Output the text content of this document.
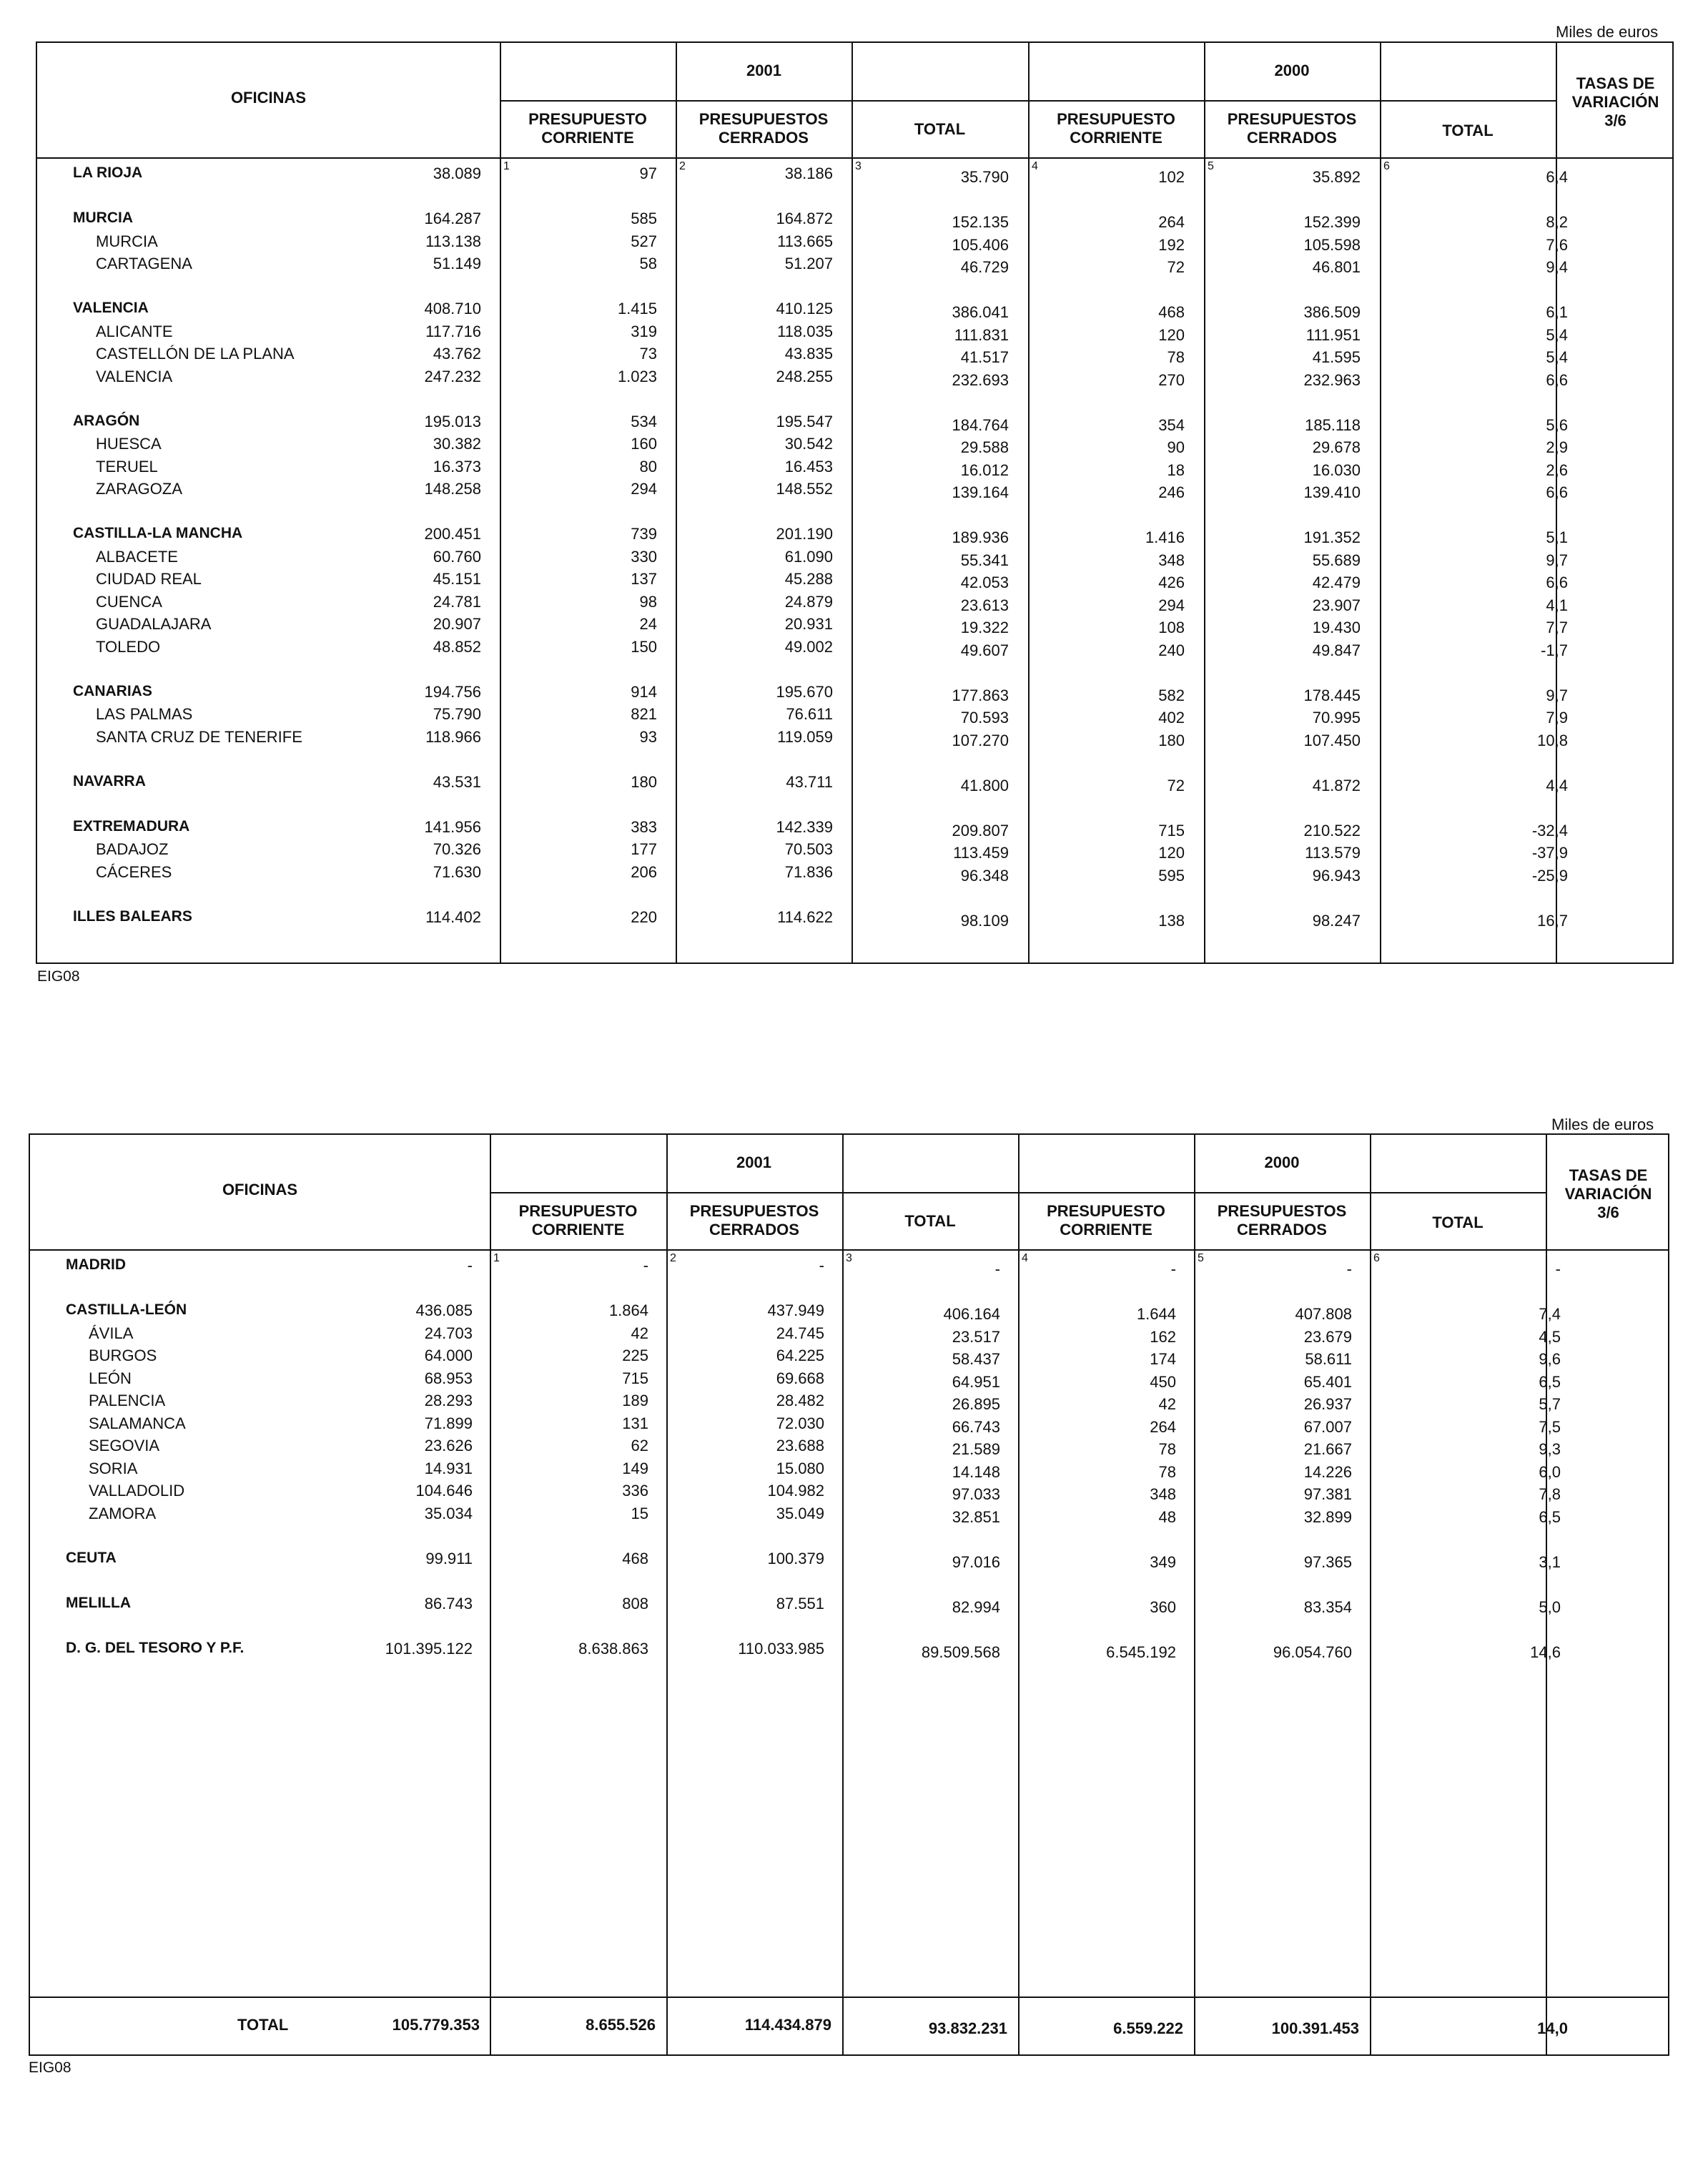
Miles de euros
OFICINAS
2001	2000
TASAS DE
VARIACIÓN
3/6
PRESUPUESTO
CORRIENTE
PRESUPUESTOS
CERRADOS	TOTAL
PRESUPUESTO
CORRIENTE
PRESUPUESTOS
CERRADOS	TOTAL
1	2	3	4	5	6
LA RIOJA	38.089	97	38.186	35.790	102	35.892	6,4
MURCIA	164.287	585	164.872	152.135	264	152.399	8,2
MURCIA	113.138	527	113.665	105.406	192	105.598	7,6
CARTAGENA	51.149	58	51.207	46.729	72	46.801	9,4
VALENCIA	408.710	1.415	410.125	386.041	468	386.509	6,1
ALICANTE	117.716	319	118.035	111.831	120	111.951	5,4
CASTELLÓN DE LA PLANA	43.762	73	43.835	41.517	78	41.595	5,4
VALENCIA	247.232	1.023	248.255	232.693	270	232.963	6,6
ARAGÓN	195.013	534	195.547	184.764	354	185.118	5,6
HUESCA	30.382	160	30.542	29.588	90	29.678	2,9
TERUEL	16.373	80	16.453	16.012	18	16.030	2,6
ZARAGOZA	148.258	294	148.552	139.164	246	139.410	6,6
CASTILLA-LA MANCHA	200.451	739	201.190	189.936	1.416	191.352	5,1
ALBACETE	60.760	330	61.090	55.341	348	55.689	9,7
CIUDAD REAL	45.151	137	45.288	42.053	426	42.479	6,6
CUENCA	24.781	98	24.879	23.613	294	23.907	4,1
GUADALAJARA	20.907	24	20.931	19.322	108	19.430	7,7
TOLEDO	48.852	150	49.002	49.607	240	49.847	-1,7
CANARIAS	194.756	914	195.670	177.863	582	178.445	9,7
LAS PALMAS	75.790	821	76.611	70.593	402	70.995	7,9
SANTA CRUZ DE TENERIFE	118.966	93	119.059	107.270	180	107.450	10,8
NAVARRA	43.531	180	43.711	41.800	72	41.872	4,4
EXTREMADURA	141.956	383	142.339	209.807	715	210.522	-32,4
BADAJOZ	70.326	177	70.503	113.459	120	113.579	-37,9
CÁCERES	71.630	206	71.836	96.348	595	96.943	-25,9
ILLES BALEARS	114.402	220	114.622	98.109	138	98.247	16,7
EIG08
Miles de euros
OFICINAS
2001	2000
TASAS DE
VARIACIÓN
3/6
PRESUPUESTO
CORRIENTE
PRESUPUESTOS
CERRADOS	TOTAL
PRESUPUESTO
CORRIENTE
PRESUPUESTOS
CERRADOS	TOTAL
1	2	3	4	5	6
MADRID	-	-	-	-	-	-	-
CASTILLA-LEÓN	436.085	1.864	437.949	406.164	1.644	407.808	7,4
ÁVILA	24.703	42	24.745	23.517	162	23.679	4,5
BURGOS	64.000	225	64.225	58.437	174	58.611	9,6
LEÓN	68.953	715	69.668	64.951	450	65.401	6,5
PALENCIA	28.293	189	28.482	26.895	42	26.937	5,7
SALAMANCA	71.899	131	72.030	66.743	264	67.007	7,5
SEGOVIA	23.626	62	23.688	21.589	78	21.667	9,3
SORIA	14.931	149	15.080	14.148	78	14.226	6,0
VALLADOLID	104.646	336	104.982	97.033	348	97.381	7,8
ZAMORA	35.034	15	35.049	32.851	48	32.899	6,5
CEUTA	99.911	468	100.379	97.016	349	97.365	3,1
MELILLA	86.743	808	87.551	82.994	360	83.354	5,0
D. G. DEL TESORO Y P.F.	101.395.122	8.638.863	110.033.985	89.509.568	6.545.192	96.054.760	14,6
TOTAL	105.779.353	8.655.526	114.434.879	93.832.231	6.559.222	100.391.453	14,0
EIG08
